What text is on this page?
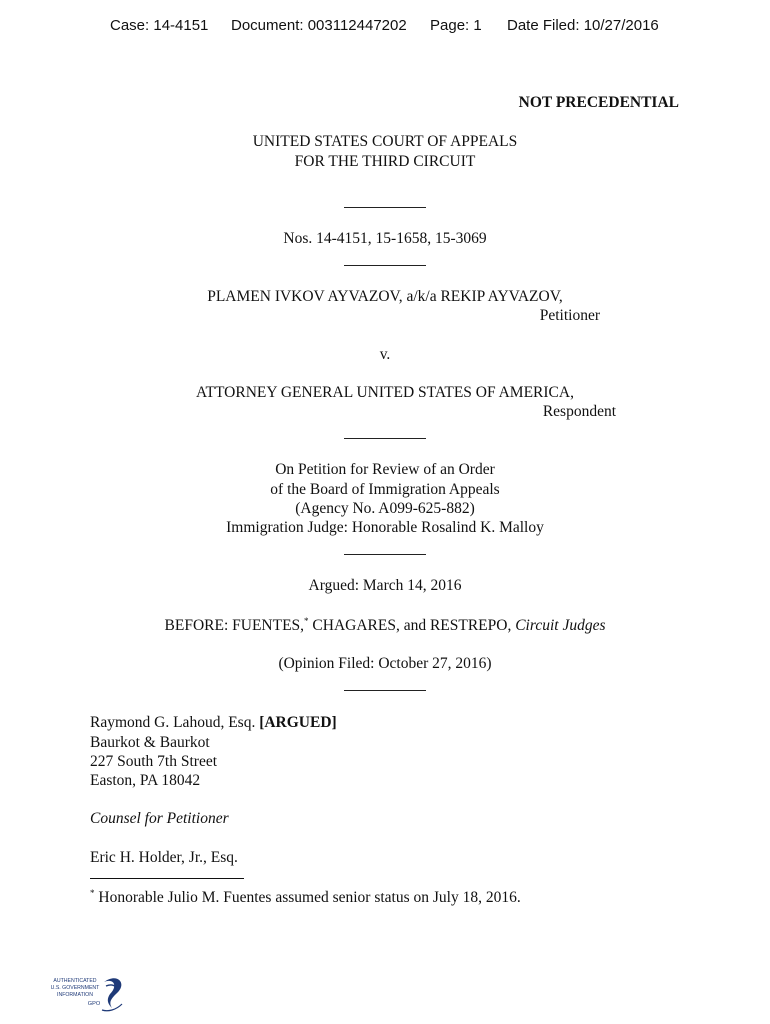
Case: 14-4151 Document: 003112447202 Page: 1 Date Filed: 10/27/2016
NOT PRECEDENTIAL
UNITED STATES COURT OF APPEALS
FOR THE THIRD CIRCUIT
Nos. 14-4151, 15-1658, 15-3069
PLAMEN IVKOV AYVAZOV, a/k/a REKIP AYVAZOV,
Petitioner
v.
ATTORNEY GENERAL UNITED STATES OF AMERICA,
Respondent
On Petition for Review of an Order
of the Board of Immigration Appeals
(Agency No. A099-625-882)
Immigration Judge: Honorable Rosalind K. Malloy
Argued: March 14, 2016
BEFORE: FUENTES,* CHAGARES, and RESTREPO, Circuit Judges
(Opinion Filed: October 27, 2016)
Raymond G. Lahoud, Esq. [ARGUED]
Baurkot & Baurkot
227 South 7th Street
Easton, PA 18042
Counsel for Petitioner
Eric H. Holder, Jr., Esq.
* Honorable Julio M. Fuentes assumed senior status on July 18, 2016.
AUTHENTICATED
U.S. GOVERNMENT
INFORMATION
GPO
